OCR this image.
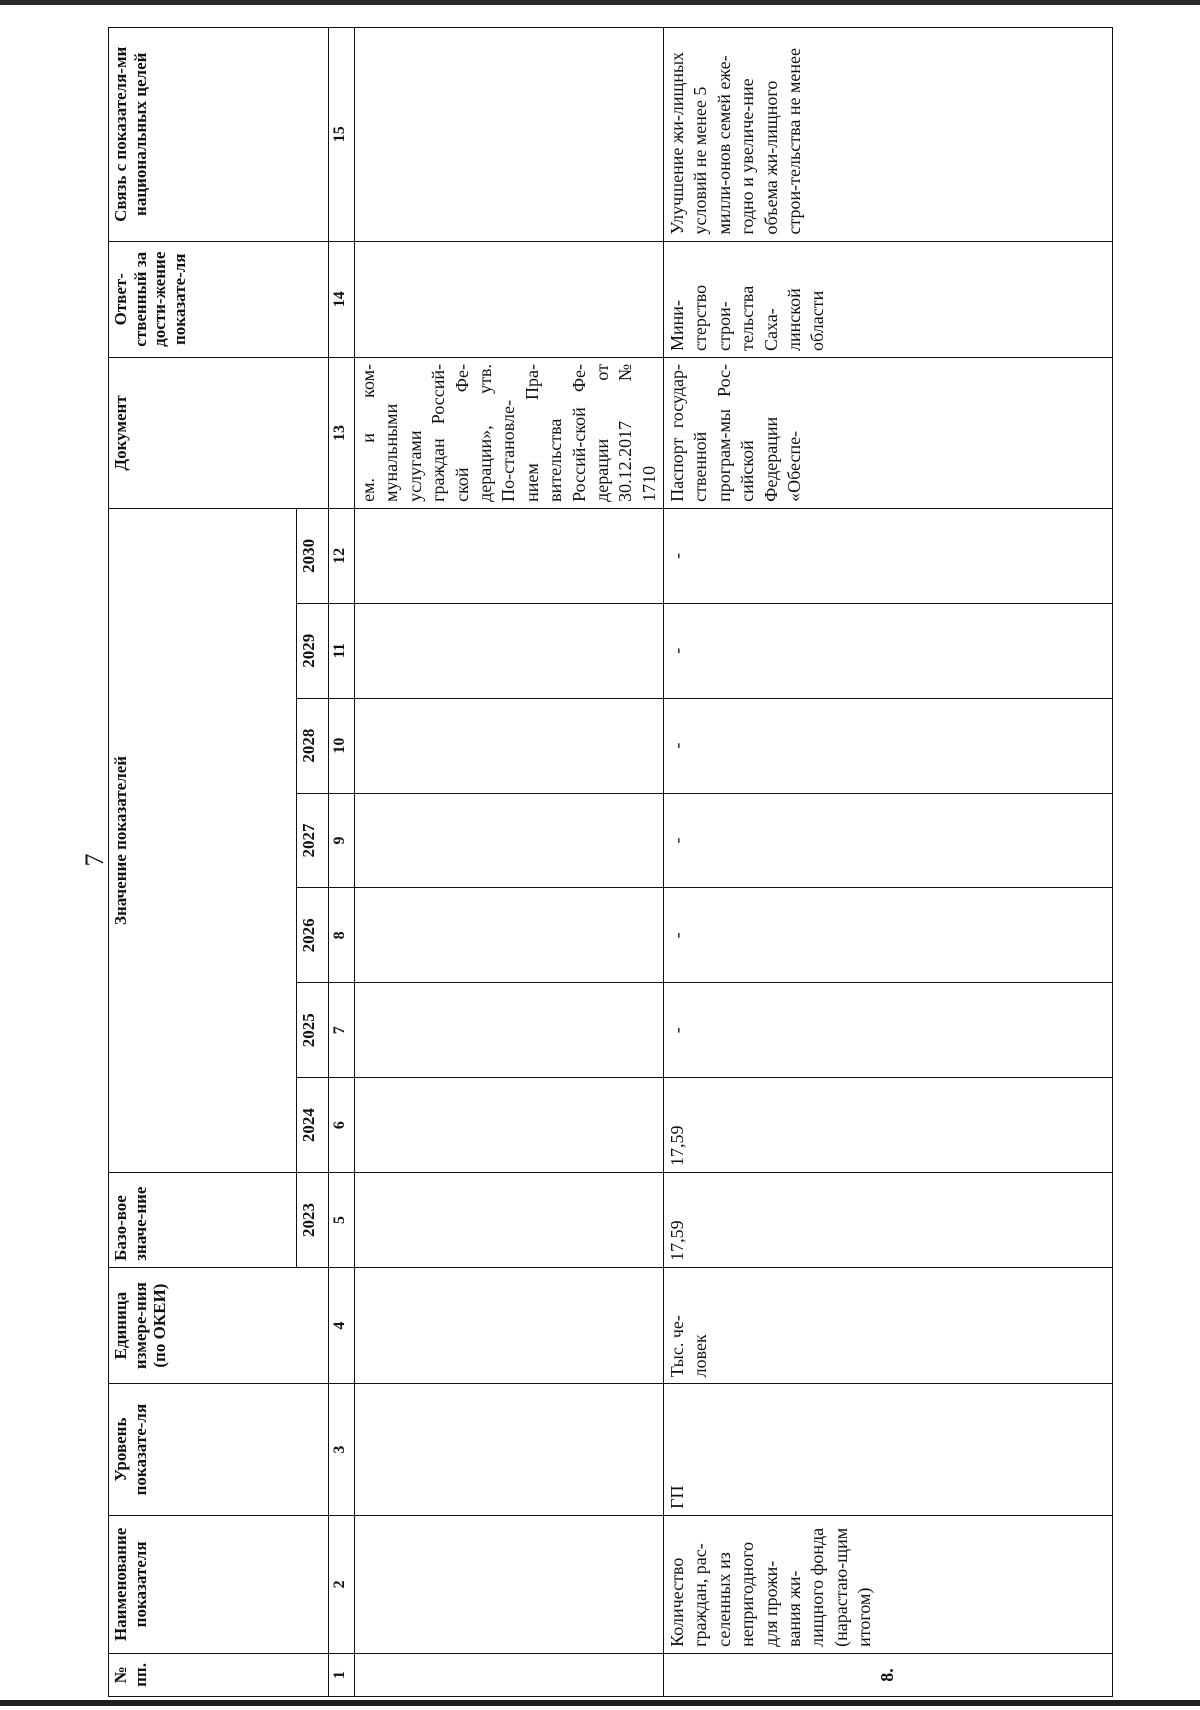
7
№ пп.	Наименование показателя	Уровень показате-ля	Единица измере-ния (по ОКЕИ)	Базо-вое значе-ние	Значение показателей							Документ	Ответ-ственный за дости-жение показате-ля	Связь с показателя-ми национальных целей
				2023	2024	2025	2026	2027	2028	2029	2030			
1	2	3	4	5	6	7	8	9	10	11	12	13	14	15
												ем. и ком-мунальными услугами граждан Россий-ской Фе-дерации», утв. По-становле-нием Пра-вительства Россий-ской Фе-дерации от 30.12.2017 № 1710		
8.	Количество граждан, рас-селенных из непригодного для прожи-вания жи-лищного фонда (нарастаю-щим итогом)	ГП	Тыс. че-ловек	17,59	17,59	-	-	-	-	-	-	Паспорт государ-ственной програм-мы Рос-сийской Федерации «Обеспе-	Мини-стерство строи-тельства Саха-линской области	Улучшение жи-лищных условий не менее 5 милли-онов семей еже-годно и увеличе-ние объема жи-лищного строи-тельства не менее
